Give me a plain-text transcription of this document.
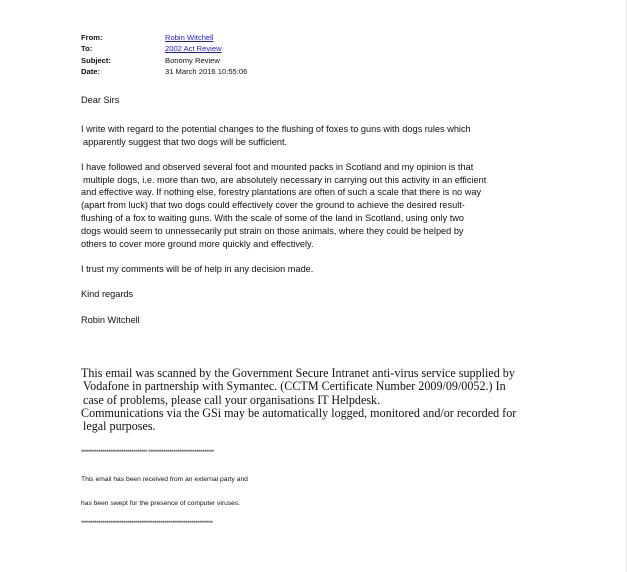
From:	Robin Witchell
To:	2002 Act Review
Subject:	Bonomy Review
Date:	31 March 2016 10:55:06

Dear Sirs

I write with regard to the potential changes to the flushing of foxes to guns with dogs rules which

apparently suggest that two dogs will be sufficient.

I have followed and observed several foot and mounted packs in Scotland and my opinion is that

multiple dogs, i.e. more than two, are absolutely necessary in carrying out this activity in an efficient

and effective way. If nothing else, forestry plantations are often of such a scale that there is no way

(apart from luck) that two dogs could effectively cover the ground to achieve the desired result-

flushing of a fox to waiting guns. With the scale of some of the land in Scotland, using only two

dogs would seem to unnessecarily put strain on those animals, where they could be helped by

others to cover more ground more quickly and effectively.

I trust my comments will be of help in any decision made.

Kind regards

Robin Witchell

This email was scanned by the Government Secure Intranet anti-virus service supplied by

Vodafone in partnership with Symantec. (CCTM Certificate Number 2009/09/0052.) In

case of problems, please call your organisations IT Helpdesk.

Communications via the GSi may be automatically logged, monitored and/or recorded for

legal purposes.

********************************** **********************************
This email has been received from an external party and
has been swept for the presence of computer viruses.
********************************************************************
